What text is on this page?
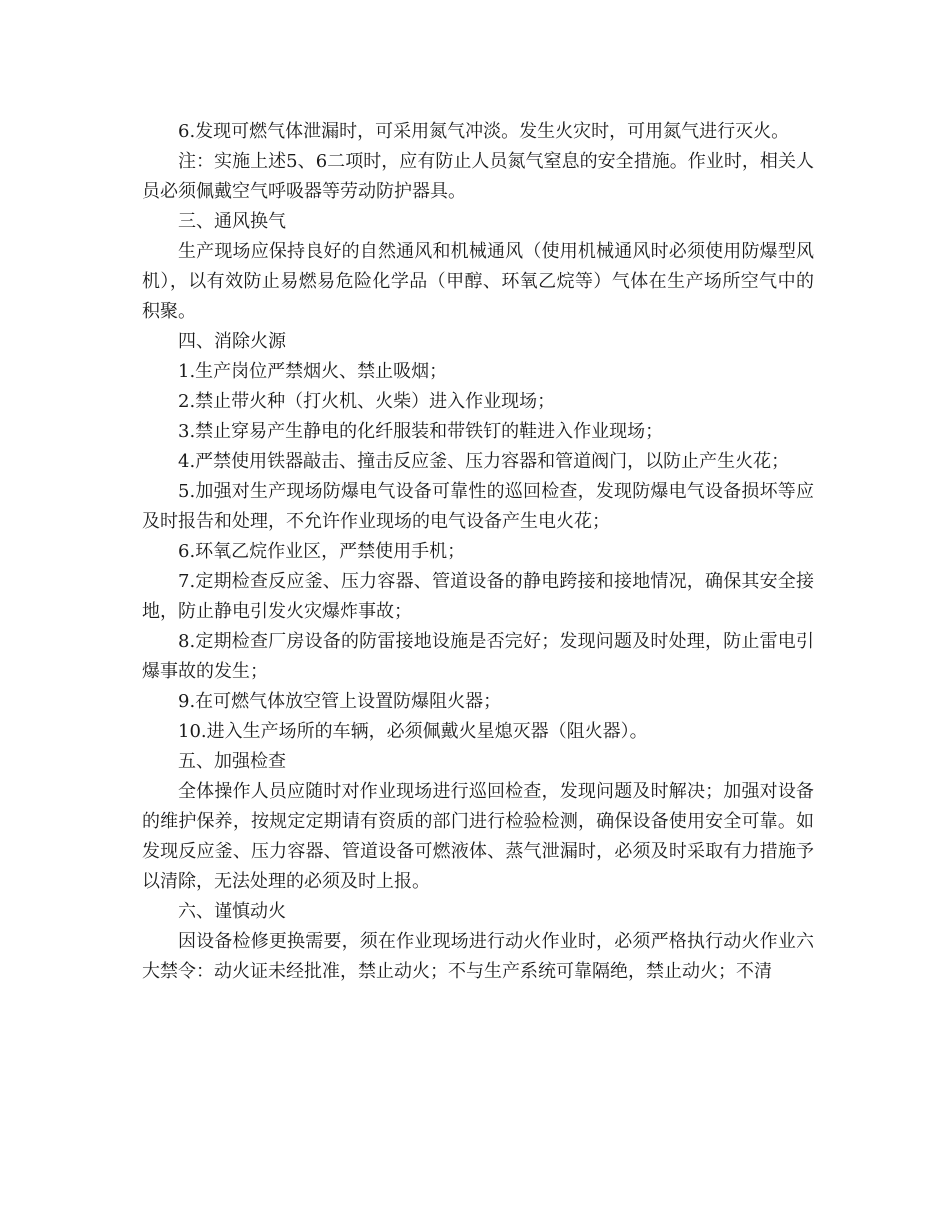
6.发现可燃气体泄漏时，可采用氮气冲淡。发生火灾时，可用氮气进行灭火。

注：实施上述5、6二项时，应有防止人员氮气窒息的安全措施。作业时，相关人员必须佩戴空气呼吸器等劳动防护器具。

三、通风换气

生产现场应保持良好的自然通风和机械通风（使用机械通风时必须使用防爆型风机），以有效防止易燃易危险化学品（甲醇、环氧乙烷等）气体在生产场所空气中的积聚。

四、消除火源

1.生产岗位严禁烟火、禁止吸烟；

2.禁止带火种（打火机、火柴）进入作业现场；

3.禁止穿易产生静电的化纤服装和带铁钉的鞋进入作业现场；

4.严禁使用铁器敲击、撞击反应釜、压力容器和管道阀门，以防止产生火花；

5.加强对生产现场防爆电气设备可靠性的巡回检查，发现防爆电气设备损坏等应及时报告和处理，不允许作业现场的电气设备产生电火花；

6.环氧乙烷作业区，严禁使用手机；

7.定期检查反应釜、压力容器、管道设备的静电跨接和接地情况，确保其安全接地，防止静电引发火灾爆炸事故；

8.定期检查厂房设备的防雷接地设施是否完好；发现问题及时处理，防止雷电引爆事故的发生；

9.在可燃气体放空管上设置防爆阻火器；

10.进入生产场所的车辆，必须佩戴火星熄灭器（阻火器）。

五、加强检查

全体操作人员应随时对作业现场进行巡回检查，发现问题及时解决；加强对设备的维护保养，按规定定期请有资质的部门进行检验检测，确保设备使用安全可靠。如发现反应釜、压力容器、管道设备可燃液体、蒸气泄漏时，必须及时采取有力措施予以清除，无法处理的必须及时上报。

六、谨慎动火

因设备检修更换需要，须在作业现场进行动火作业时，必须严格执行动火作业六大禁令：动火证未经批准，禁止动火；不与生产系统可靠隔绝，禁止动火；不清
